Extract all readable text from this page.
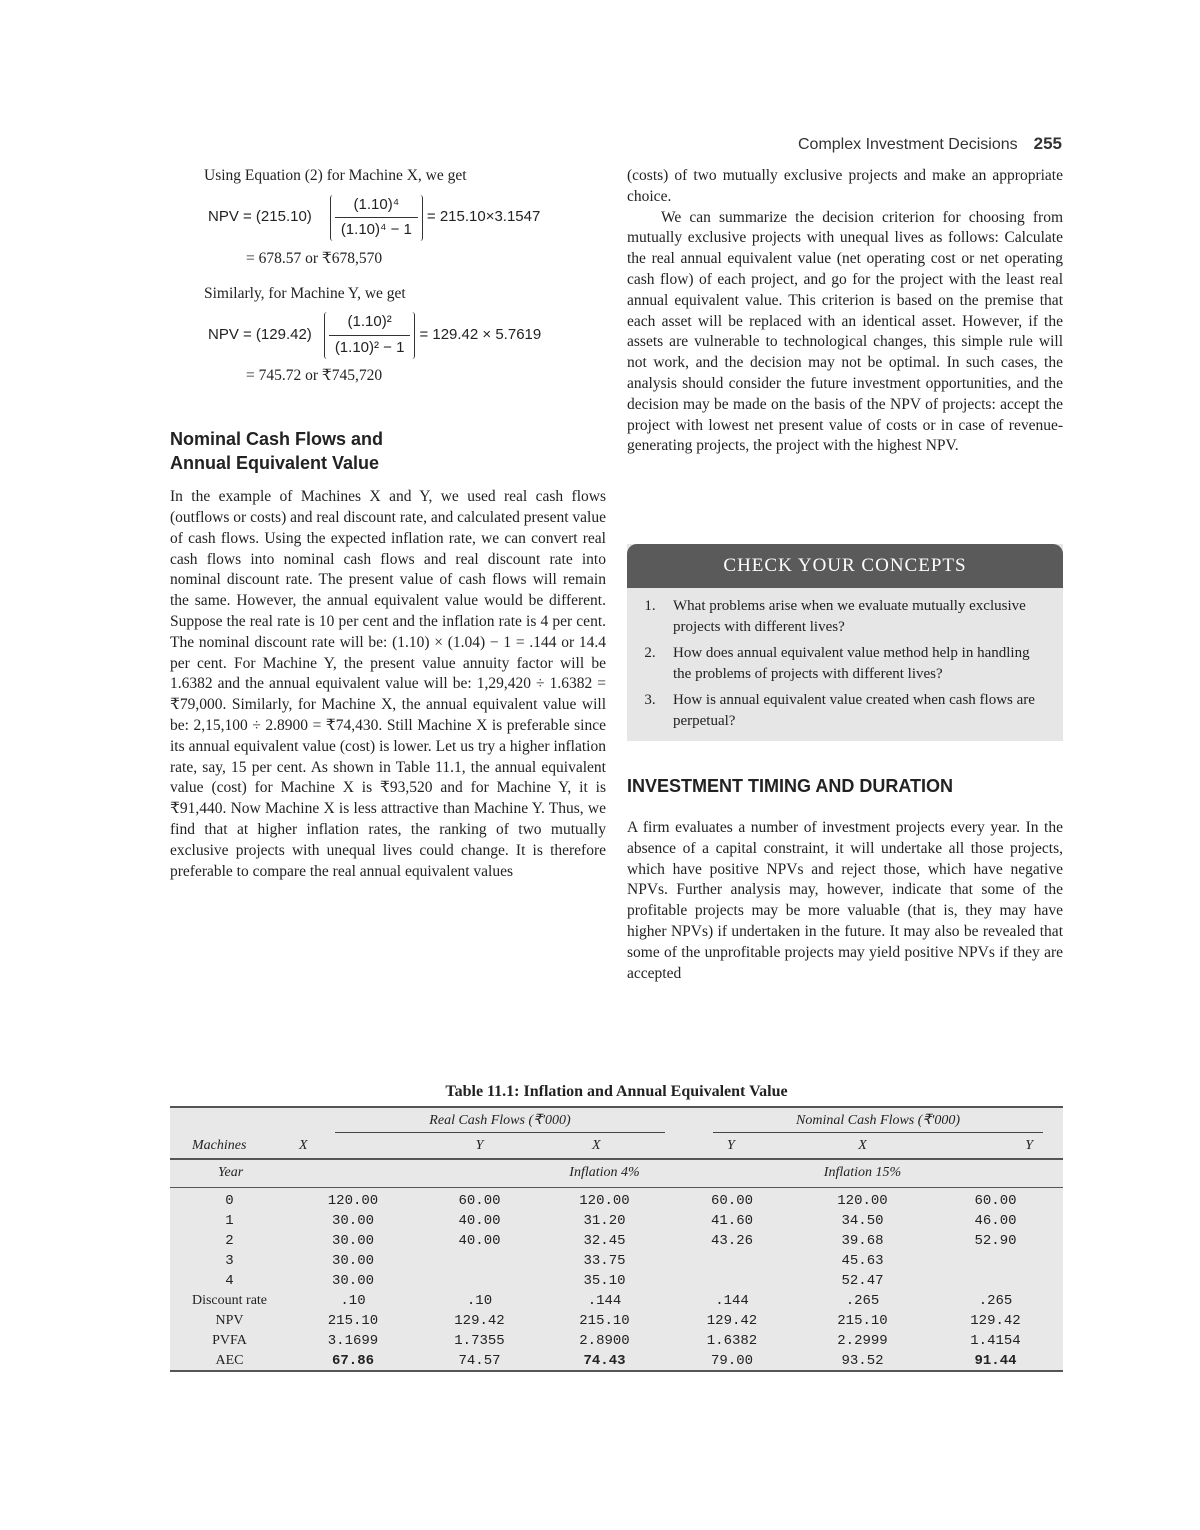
Complex Investment Decisions 255

Using Equation (2) for Machine X, we get

NPV = $(215.10) \frac{\text{(1.10)⁴}}{\text{(1.10)⁴ − 1}} = 215.10\times 3.1547$

= 678.57 or ₹678,570

Similarly, for Machine Y, we get

NPV = $(129.42) \frac{\text{(1.10)²}}{\text{(1.10)² − 1}} = 129.42 \times 5.7619$

= 745.72 or ₹745,720

Nominal Cash Flows and
Annual Equivalent Value

In the example of Machines X and Y, we used real cash flows (outflows or costs) and real discount rate, and calculated present value of cash flows. Using the expected inflation rate, we can convert real cash flows into nominal cash flows and real discount rate into nominal discount rate. The present value of cash flows will remain the same. However, the annual equivalent value would be different. Suppose the real rate is 10 per cent and the inflation rate is 4 per cent. The nominal discount rate will be: (1.10) × (1.04) − 1 = .144 or 14.4 per cent. For Machine Y, the present value annuity factor will be 1.6382 and the annual equivalent value will be: 1,29,420 ÷ 1.6382 = ₹79,000. Similarly, for Machine X, the annual equivalent value will be: 2,15,100 ÷ 2.8900 = ₹74,430. Still Machine X is preferable since its annual equivalent value (cost) is lower. Let us try a higher inflation rate, say, 15 per cent. As shown in Table 11.1, the annual equivalent value (cost) for Machine X is ₹93,520 and for Machine Y, it is ₹91,440. Now Machine X is less attractive than Machine Y. Thus, we find that at higher inflation rates, the ranking of two mutually exclusive projects with unequal lives could change. It is therefore preferable to compare the real annual equivalent values

(costs) of two mutually exclusive projects and make an appropriate choice.

We can summarize the decision criterion for choosing from mutually exclusive projects with unequal lives as follows: Calculate the real annual equivalent value (net operating cost or net operating cash flow) of each project, and go for the project with the least real annual equivalent value. This criterion is based on the premise that each asset will be replaced with an identical asset. However, if the assets are vulnerable to technological changes, this simple rule will not work, and the decision may not be optimal. In such cases, the analysis should consider the future investment opportunities, and the decision may be made on the basis of the NPV of projects: accept the project with lowest net present value of costs or in case of revenue-generating projects, the project with the highest NPV.

CHECK YOUR CONCEPTS
1.	What problems arise when we evaluate mutually exclusive projects with different lives?
2.	How does annual equivalent value method help in handling the problems of projects with different lives?
3.	How is annual equivalent value created when cash flows are perpetual?
INVESTMENT TIMING AND DURATION

A firm evaluates a number of investment projects every year. In the absence of a capital constraint, it will undertake all those projects, which have positive NPVs and reject those, which have negative NPVs. Further analysis may, however, indicate that some of the profitable projects may be more valuable (that is, they may have higher NPVs) if undertaken in the future. It may also be revealed that some of the unprofitable projects may yield positive NPVs if they are accepted

Table 11.1: Inflation and Annual Equivalent Value

	Real Cash Flows (₹'000)			Nominal Cash Flows (₹'000)		

Machines	X	Y	X	Y	X	Y
Year			Inflation 4%		Inflation 15%	
0	120.00	60.00	120.00	60.00	120.00	60.00
1	30.00	40.00	31.20	41.60	34.50	46.00
2	30.00	40.00	32.45	43.26	39.68	52.90
3	30.00		33.75		45.63	
4	30.00		35.10		52.47	
Discount rate	.10	.10	.144	.144	.265	.265
NPV	215.10	129.42	215.10	129.42	215.10	129.42
PVFA	3.1699	1.7355	2.8900	1.6382	2.2999	1.4154
AEC	67.86	74.57	74.43	79.00	93.52	91.44
